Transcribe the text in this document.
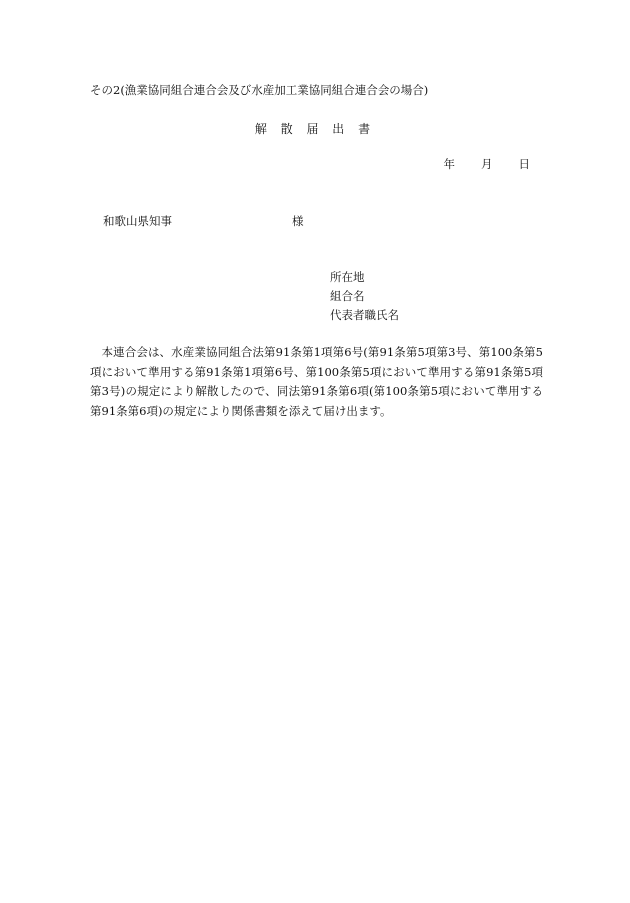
その2(漁業協同組合連合会及び水産加工業協同組合連合会の場合)
解 散 届 出 書
年 月 日
和歌山県知事	様
所在地
組合名
代表者職氏名
本連合会は、水産業協同組合法第91条第1項第6号(第91条第5項第3号、第100条第5項において準用する第91条第1項第6号、第100条第5項において準用する第91条第5項第3号)の規定により解散したので、同法第91条第6項(第100条第5項において準用する第91条第6項)の規定により関係書類を添えて届け出ます。
